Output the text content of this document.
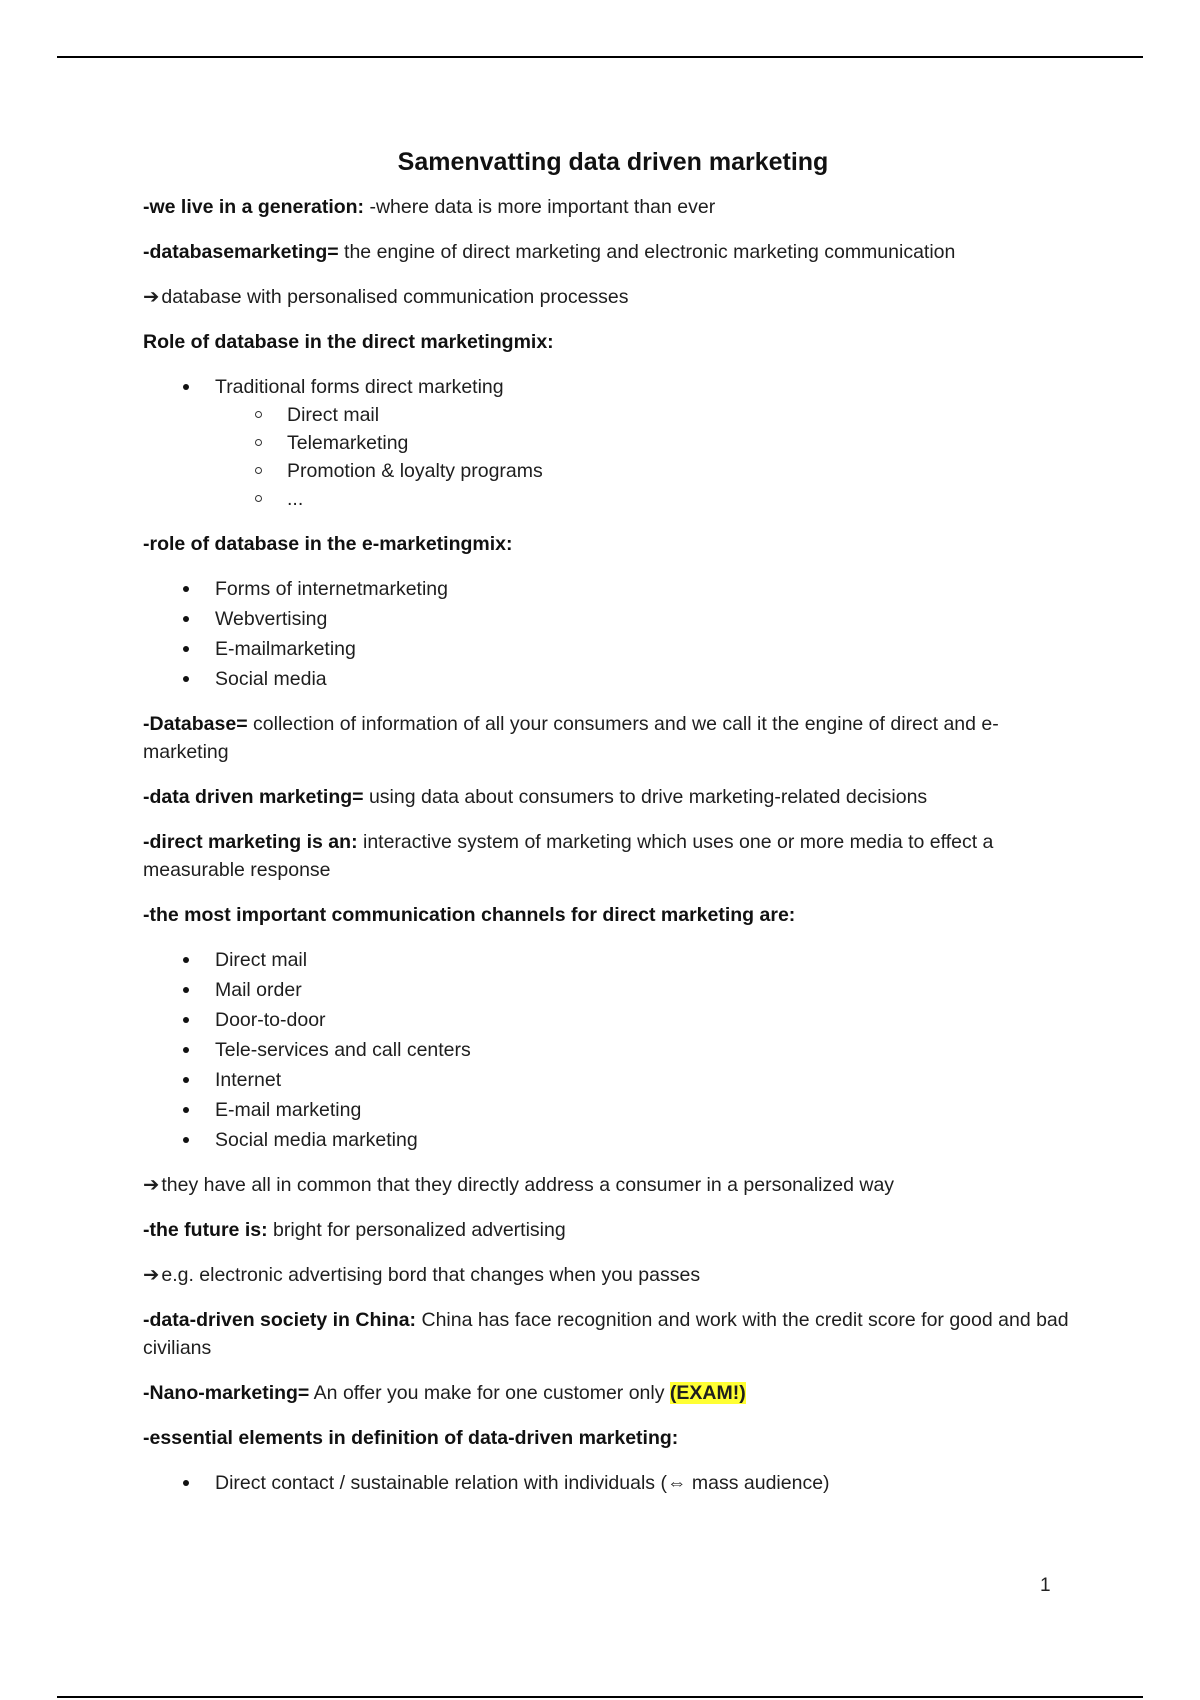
Samenvatting data driven marketing

-we live in a generation: -where data is more important than ever

-databasemarketing= the engine of direct marketing and electronic marketing communication

➔ database with personalised communication processes

Role of database in the direct marketingmix:

Traditional forms direct marketing
Direct mail
Telemarketing
Promotion & loyalty programs
...

-role of database in the e-marketingmix:

Forms of internetmarketing
Webvertising
E-mailmarketing
Social media

-Database= collection of information of all your consumers and we call it the engine of direct and e-marketing

-data driven marketing= using data about consumers to drive marketing-related decisions

-direct marketing is an: interactive system of marketing which uses one or more media to effect a measurable response

-the most important communication channels for direct marketing are:

Direct mail
Mail order
Door-to-door
Tele-services and call centers
Internet
E-mail marketing
Social media marketing

➔ they have all in common that they directly address a consumer in a personalized way

-the future is: bright for personalized advertising

➔ e.g. electronic advertising bord that changes when you passes

-data-driven society in China: China has face recognition and work with the credit score for good and bad civilians

-Nano-marketing= An offer you make for one customer only (EXAM!)

-essential elements in definition of data-driven marketing:

Direct contact / sustainable relation with individuals (⇔ mass audience)
1
